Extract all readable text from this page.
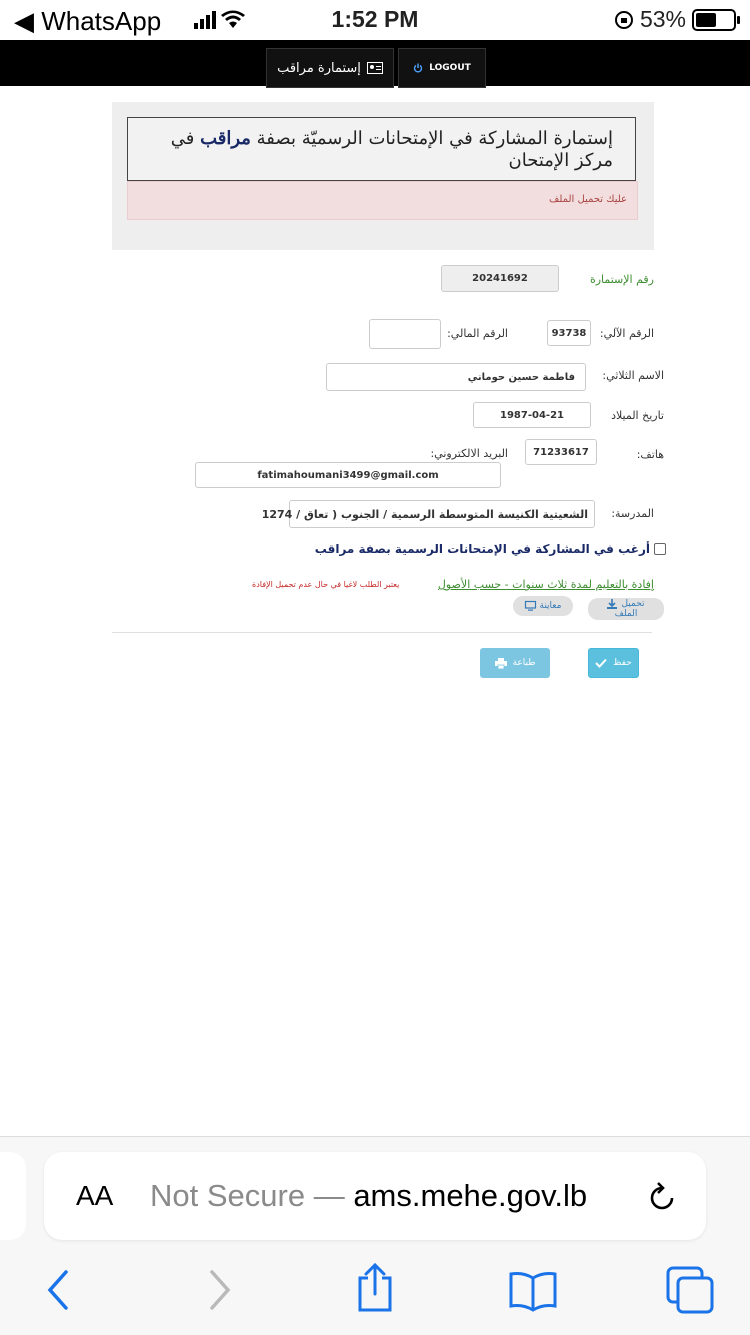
◀ WhatsApp	1:52 PM	53%
إستمارة مراقب	LOGOUT
إستمارة المشاركة في الإمتحانات الرسميّة بصفة مراقب في مركز الإمتحان
عليك تحميل الملف
رقم الإستمارة
20241692
الرقم الآلي:
93738
الرقم المالي:
الاسم الثلاثي:
فاطمة حسين حوماني
تاريخ الميلاد
1987-04-21
هاتف:
71233617
البريد الالكتروني:
fatimahoumani3499@gmail.com
المدرسة:
1274 / الشعيتية الكنيسة المتوسطة الرسمية / الجنوب ( تعاق
أرغب في المشاركة في الإمتحانات الرسمية بصفة مراقب
إفادة بالتعليم لمدة ثلاث سنوات - حسب الأصول
يعتبر الطلب لاغيا في حال عدم تحميل الإفادة
تحميل
الملف
معاينة
حفظ
طباعة
AA Not Secure — ams.mehe.gov.lb
